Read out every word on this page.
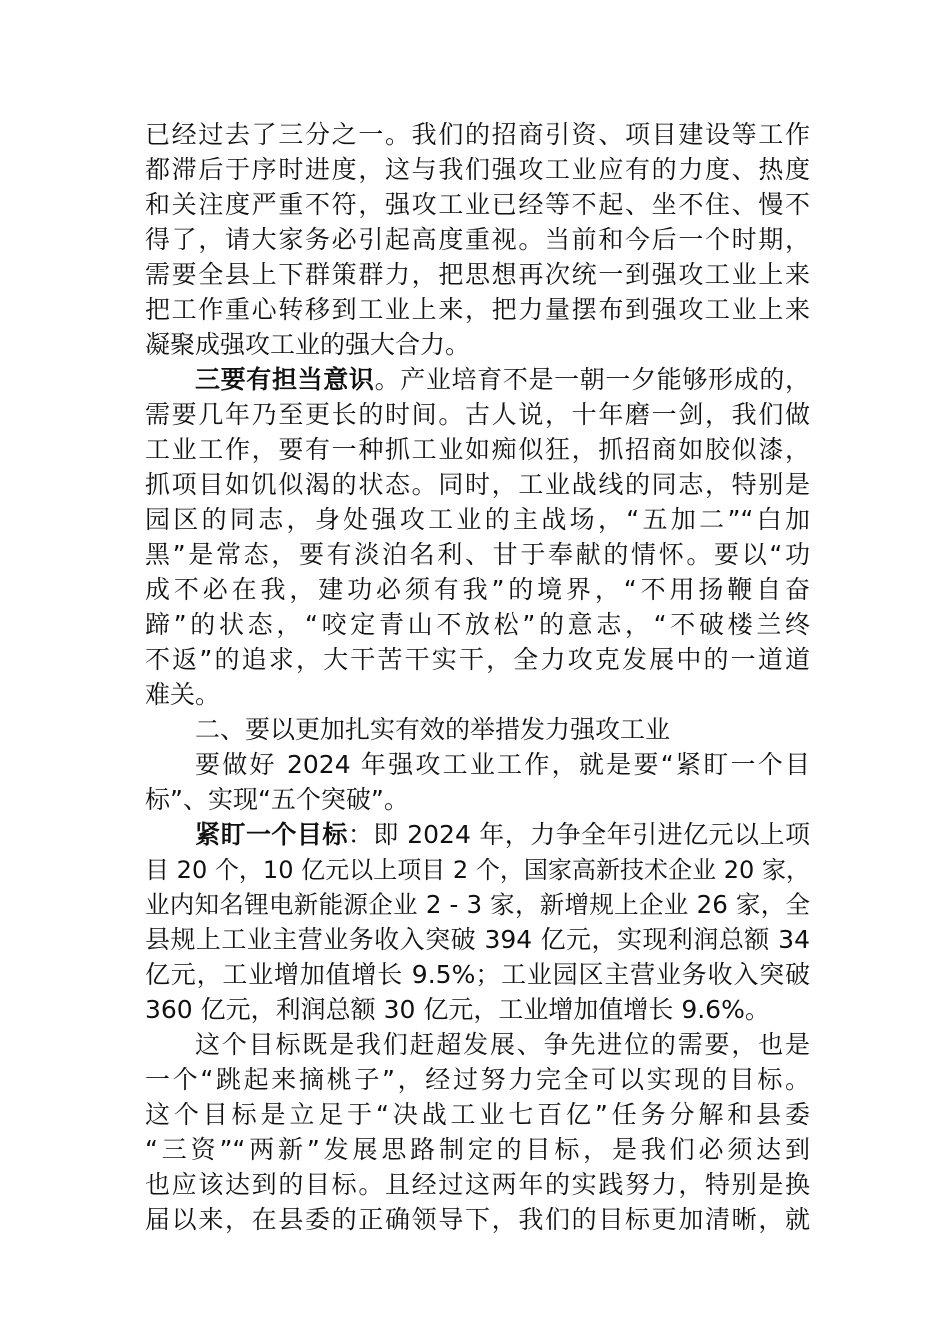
已经过去了三分之一。我们的招商引资、项目建设等工作
都滞后于序时进度，这与我们强攻工业应有的力度、热度
和关注度严重不符，强攻工业已经等不起、坐不住、慢不
得了，请大家务必引起高度重视。当前和今后一个时期，
需要全县上下群策群力，把思想再次统一到强攻工业上来
把工作重心转移到工业上来，把力量摆布到强攻工业上来
凝聚成强攻工业的强大合力。
三要有担当意识。产业培育不是一朝一夕能够形成的，
需要几年乃至更长的时间。古人说，十年磨一剑，我们做
工业工作，要有一种抓工业如痴似狂，抓招商如胶似漆，
抓项目如饥似渴的状态。同时，工业战线的同志，特别是
园区的同志，身处强攻工业的主战场，“五加二”“白加
黑”是常态，要有淡泊名利、甘于奉献的情怀。要以“功
成不必在我，建功必须有我”的境界，“不用扬鞭自奋
蹄”的状态，“咬定青山不放松”的意志，“不破楼兰终
不返”的追求，大干苦干实干，全力攻克发展中的一道道
难关。
二、要以更加扎实有效的举措发力强攻工业
要做好 2024 年强攻工业工作，就是要“紧盯一个目
标”、实现“五个突破”。
紧盯一个目标：即 2024 年，力争全年引进亿元以上项
目 20 个，10 亿元以上项目 2 个，国家高新技术企业 20 家，
业内知名锂电新能源企业 2 - 3 家，新增规上企业 26 家，全
县规上工业主营业务收入突破 394 亿元，实现利润总额 34
亿元，工业增加值增长 9.5%；工业园区主营业务收入突破
360 亿元，利润总额 30 亿元，工业增加值增长 9.6%。
这个目标既是我们赶超发展、争先进位的需要，也是
一个“跳起来摘桃子”，经过努力完全可以实现的目标。
这个目标是立足于“决战工业七百亿”任务分解和县委
“三资”“两新”发展思路制定的目标，是我们必须达到
也应该达到的目标。且经过这两年的实践努力，特别是换
届以来，在县委的正确领导下，我们的目标更加清晰，就
